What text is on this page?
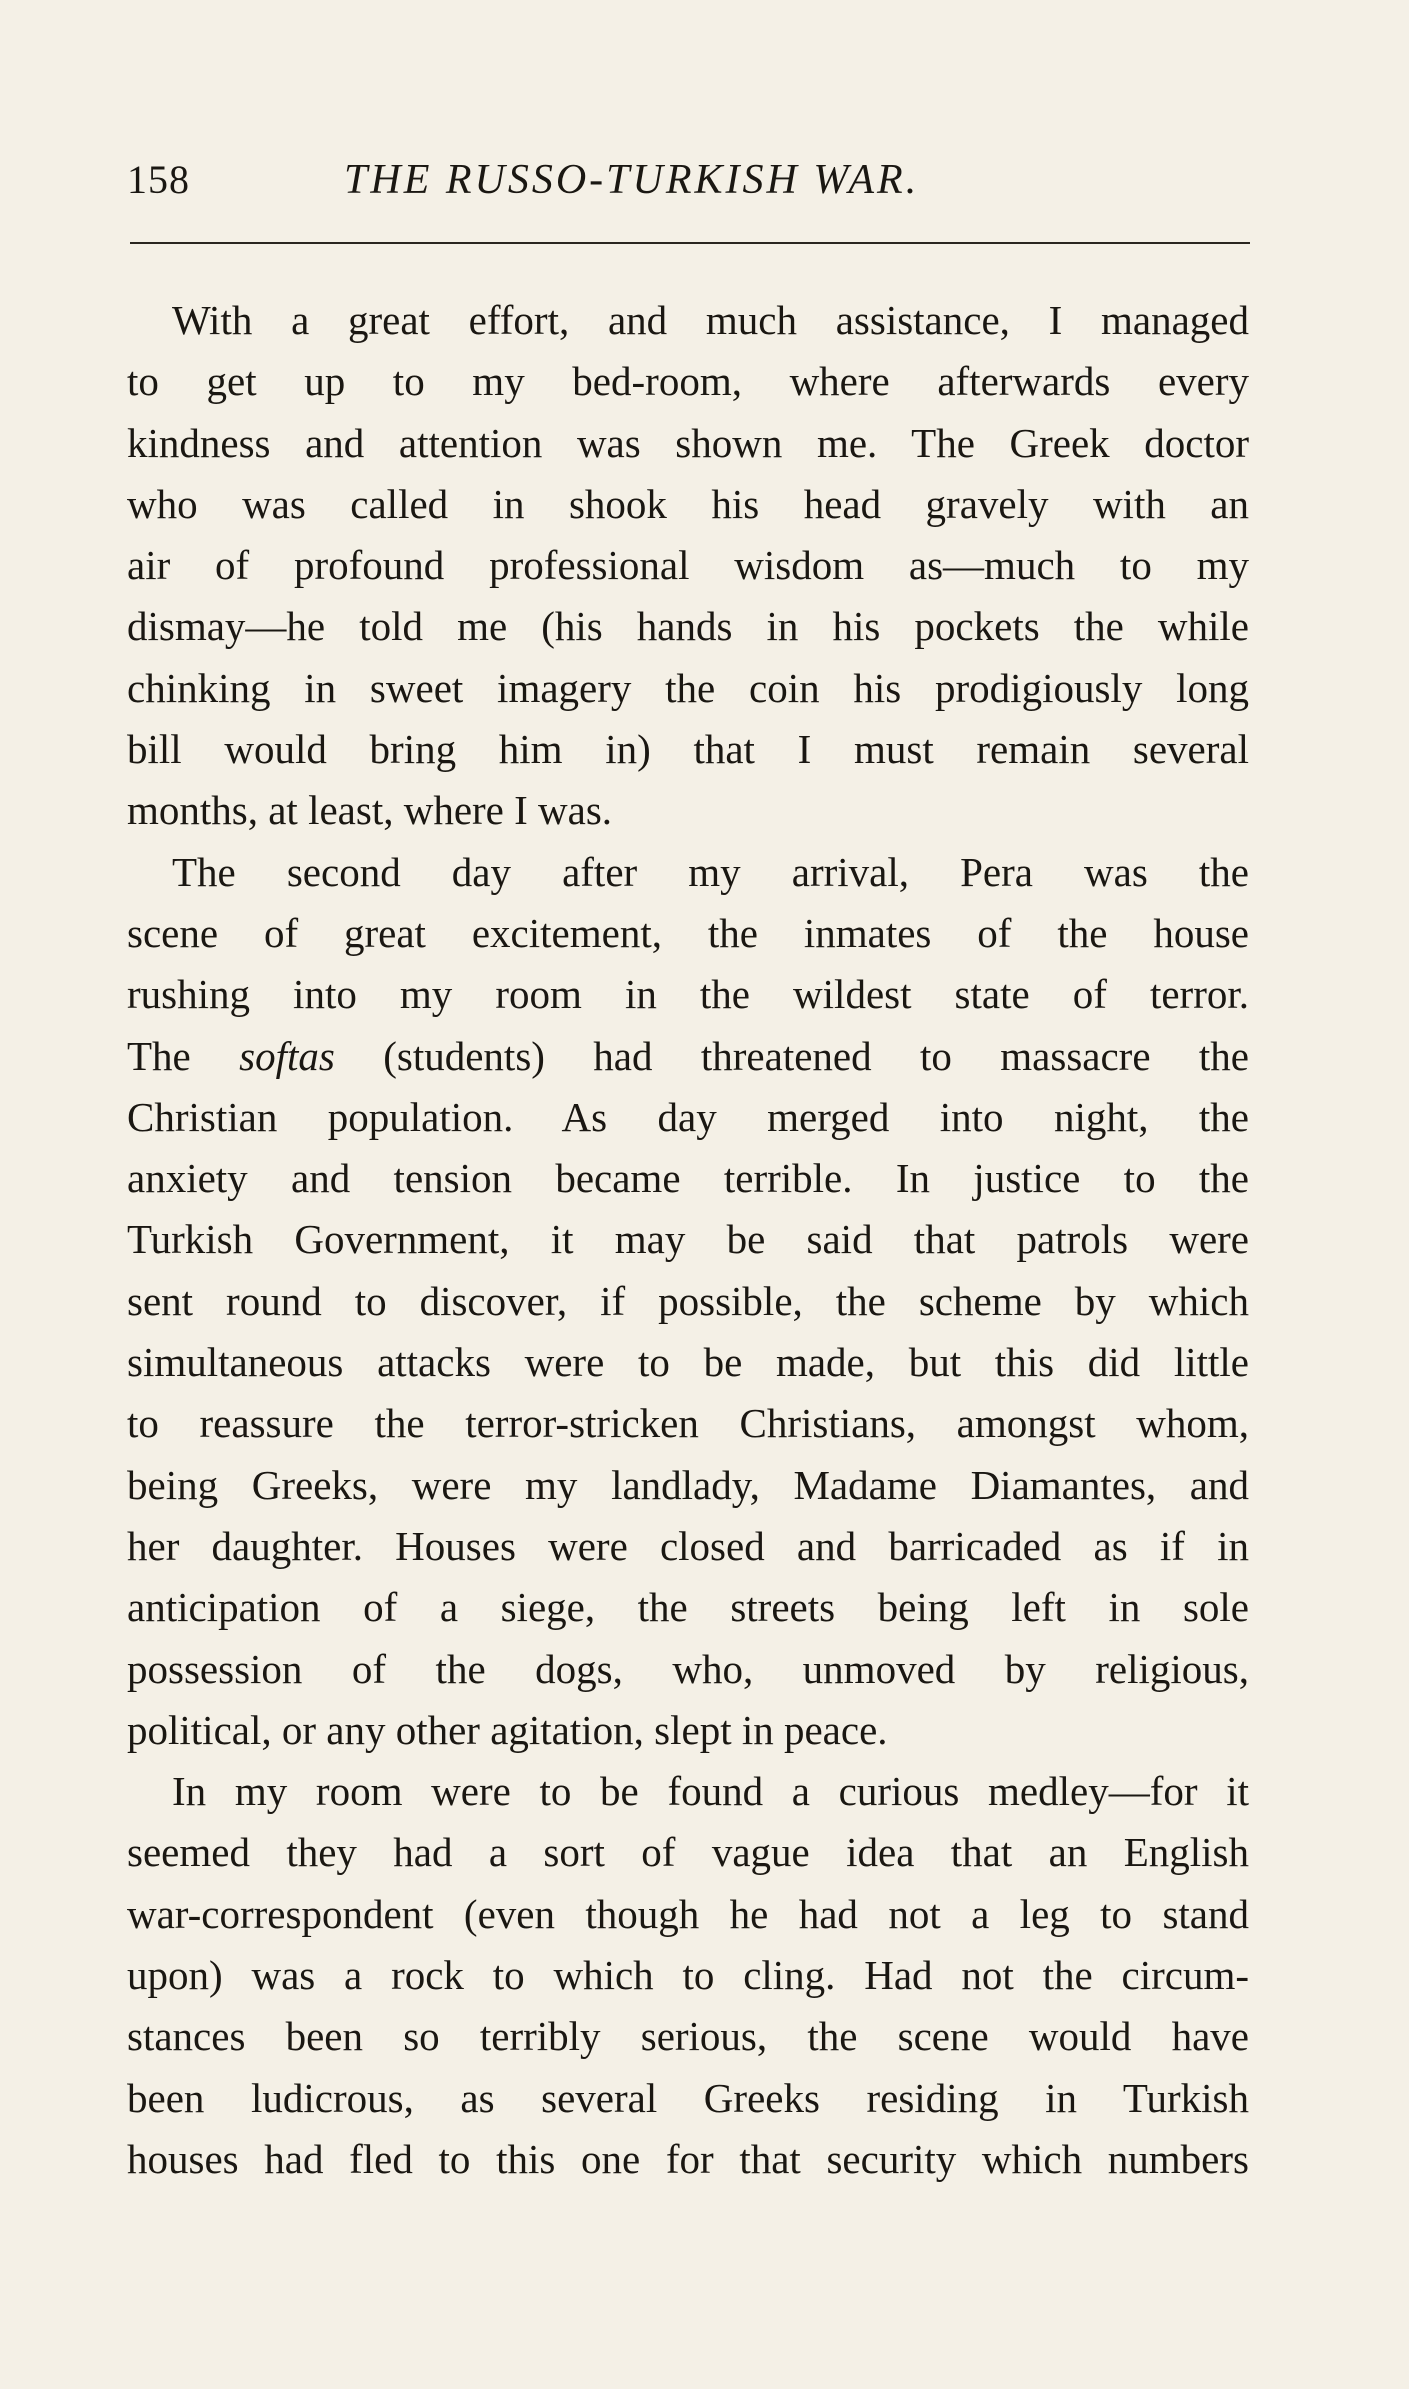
158	THE RUSSO-TURKISH WAR.
With a great effort, and much assistance, I managed
to get up to my bed-room, where afterwards every
kindness and attention was shown me. The Greek doctor
who was called in shook his head gravely with an
air of profound professional wisdom as—much to my
dismay—he told me (his hands in his pockets the while
chinking in sweet imagery the coin his prodigiously long
bill would bring him in) that I must remain several
months, at least, where I was.
The second day after my arrival, Pera was the
scene of great excitement, the inmates of the house
rushing into my room in the wildest state of terror.
The softas (students) had threatened to massacre the
Christian population. As day merged into night, the
anxiety and tension became terrible. In justice to the
Turkish Government, it may be said that patrols were
sent round to discover, if possible, the scheme by which
simultaneous attacks were to be made, but this did little
to reassure the terror-stricken Christians, amongst whom,
being Greeks, were my landlady, Madame Diamantes, and
her daughter. Houses were closed and barricaded as if in
anticipation of a siege, the streets being left in sole
possession of the dogs, who, unmoved by religious,
political, or any other agitation, slept in peace.
In my room were to be found a curious medley—for it
seemed they had a sort of vague idea that an English
war-correspondent (even though he had not a leg to stand
upon) was a rock to which to cling. Had not the circum-
stances been so terribly serious, the scene would have
been ludicrous, as several Greeks residing in Turkish
houses had fled to this one for that security which numbers
